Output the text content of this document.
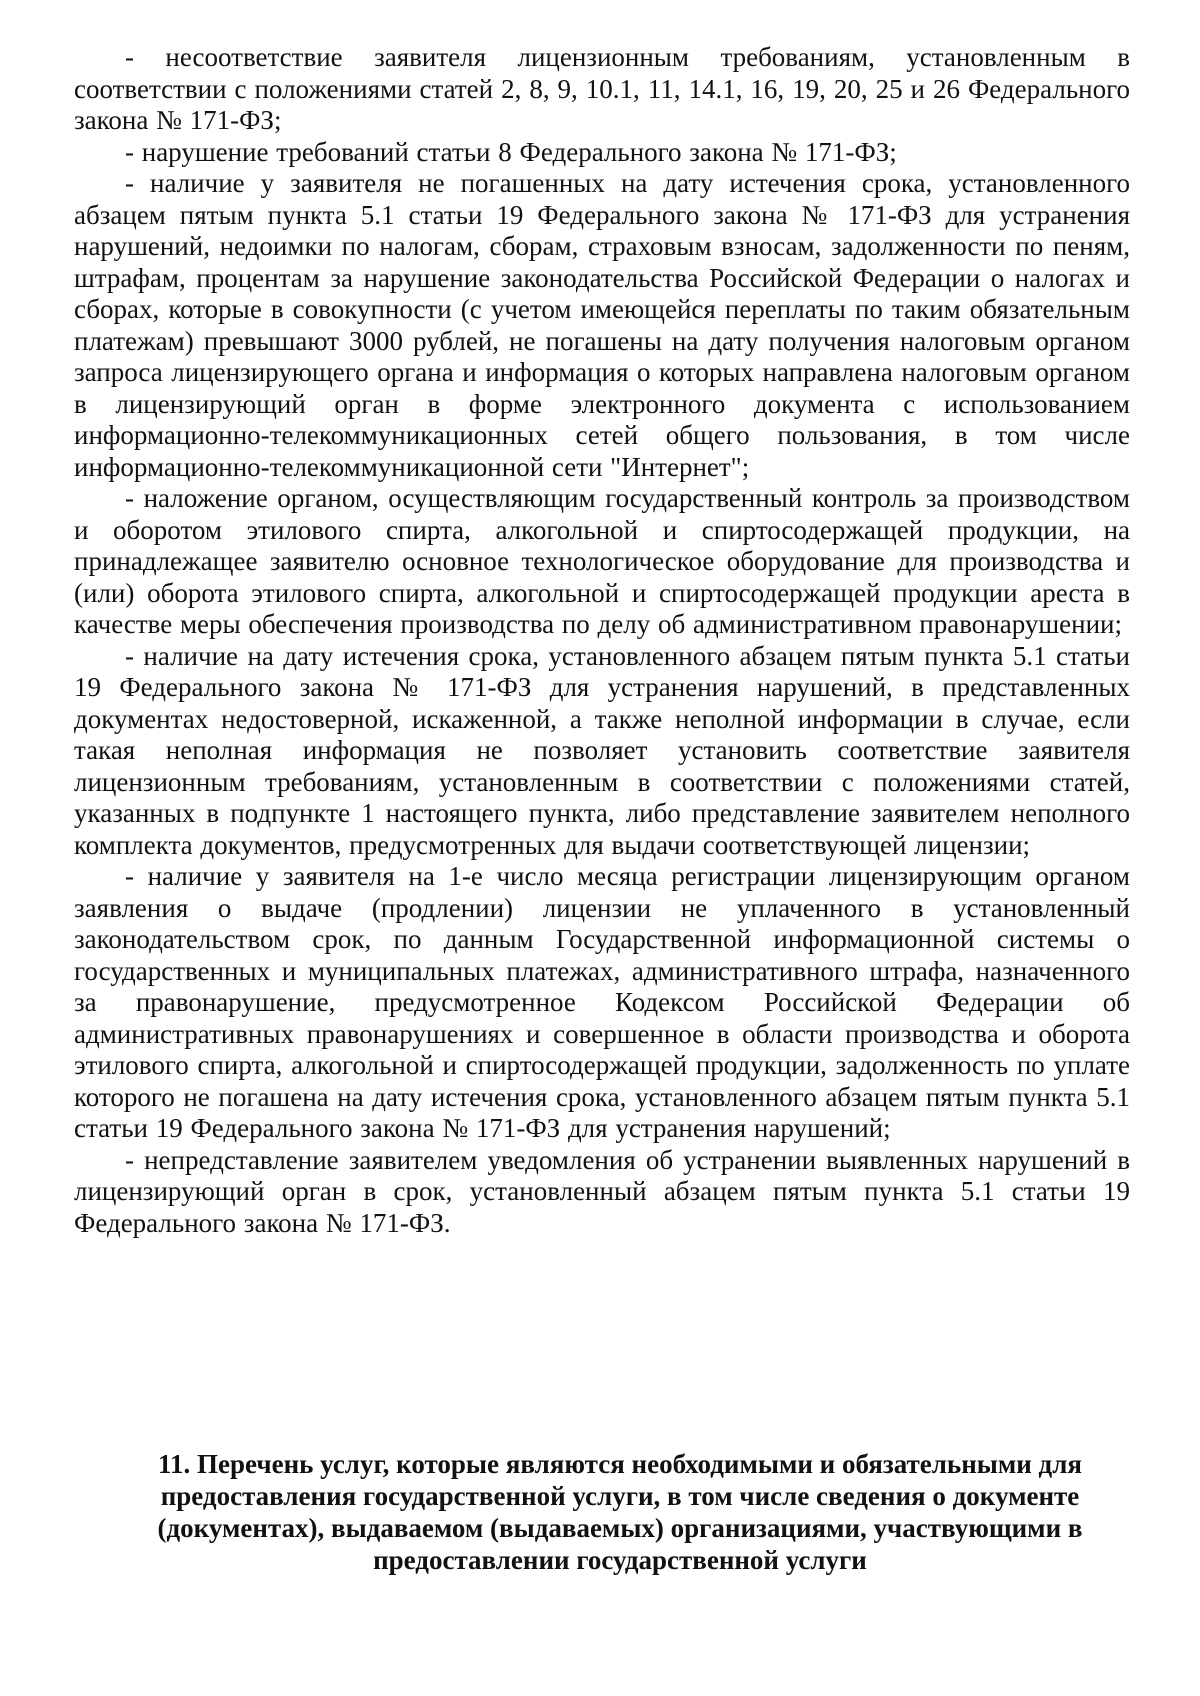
- несоответствие заявителя лицензионным требованиям, установленным в соответствии с положениями статей 2, 8, 9, 10.1, 11, 14.1, 16, 19, 20, 25 и 26 Федерального закона № 171-ФЗ;

- нарушение требований статьи 8 Федерального закона № 171-ФЗ;

- наличие у заявителя не погашенных на дату истечения срока, установленного абзацем пятым пункта 5.1 статьи 19 Федерального закона № 171-ФЗ для устранения нарушений, недоимки по налогам, сборам, страховым взносам, задолженности по пеням, штрафам, процентам за нарушение законодательства Российской Федерации о налогах и сборах, которые в совокупности (с учетом имеющейся переплаты по таким обязательным платежам) превышают 3000 рублей, не погашены на дату получения налоговым органом запроса лицензирующего органа и информация о которых направлена налоговым органом в лицензирующий орган в форме электронного документа с использованием информационно-телекоммуникационных сетей общего пользования, в том числе информационно-телекоммуникационной сети "Интернет";

- наложение органом, осуществляющим государственный контроль за производством и оборотом этилового спирта, алкогольной и спиртосодержащей продукции, на принадлежащее заявителю основное технологическое оборудование для производства и (или) оборота этилового спирта, алкогольной и спиртосодержащей продукции ареста в качестве меры обеспечения производства по делу об административном правонарушении;

- наличие на дату истечения срока, установленного абзацем пятым пункта 5.1 статьи 19 Федерального закона № 171-ФЗ для устранения нарушений, в представленных документах недостоверной, искаженной, а также неполной информации в случае, если такая неполная информация не позволяет установить соответствие заявителя лицензионным требованиям, установленным в соответствии с положениями статей, указанных в подпункте 1 настоящего пункта, либо представление заявителем неполного комплекта документов, предусмотренных для выдачи соответствующей лицензии;

- наличие у заявителя на 1-е число месяца регистрации лицензирующим органом заявления о выдаче (продлении) лицензии не уплаченного в установленный законодательством срок, по данным Государственной информационной системы о государственных и муниципальных платежах, административного штрафа, назначенного за правонарушение, предусмотренное Кодексом Российской Федерации об административных правонарушениях и совершенное в области производства и оборота этилового спирта, алкогольной и спиртосодержащей продукции, задолженность по уплате которого не погашена на дату истечения срока, установленного абзацем пятым пункта 5.1 статьи 19 Федерального закона № 171-ФЗ для устранения нарушений;

- непредставление заявителем уведомления об устранении выявленных нарушений в лицензирующий орган в срок, установленный абзацем пятым пункта 5.1 статьи 19 Федерального закона № 171-ФЗ.

11. Перечень услуг, которые являются необходимыми и обязательными для предоставления государственной услуги, в том числе сведения о документе (документах), выдаваемом (выдаваемых) организациями, участвующими в предоставлении государственной услуги
